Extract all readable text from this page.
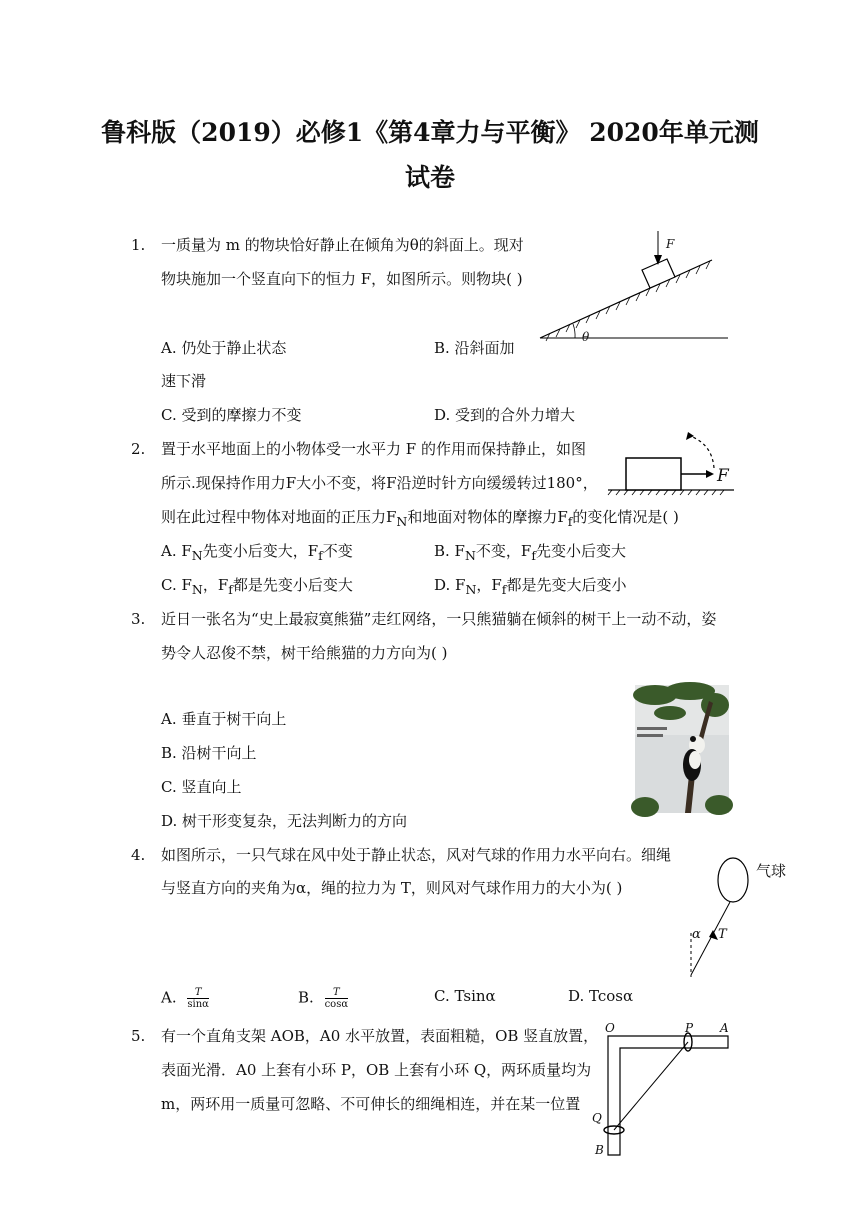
鲁科版（2019）必修1《第4章力与平衡》 2020年单元测
试卷
1. 一质量为 m 的物块恰好静止在倾角为θ的斜面上。现对
物块施加一个竖直向下的恒力 F，如图所示。则物块( )
F
θ
A. 仍处于静止状态	B. 沿斜面加
速下滑
C. 受到的摩擦力不变	D. 受到的合外力增大
2. 置于水平地面上的小物体受一水平力 F 的作用而保持静止，如图
所示.现保持作用力F大小不变，将F沿逆时针方向缓缓转过180°，
则在此过程中物体对地面的正压力$F_N$和地面对物体的摩擦力$F_f$的变化情况是( )
F
A. $F_N$先变小后变大，$F_f$不变	B. $F_N$不变，$F_f$先变小后变大
C. $F_N$，$F_f$都是先变小后变大	D. $F_N$，$F_f$都是先变大后变小
3. 近日一张名为“史上最寂寞熊猫”走红网络，一只熊猫躺在倾斜的树干上一动不动，姿
势令人忍俊不禁，树干给熊猫的力方向为( )
A. 垂直于树干向上
B. 沿树干向上
C. 竖直向上
D. 树干形变复杂，无法判断力的方向
4. 如图所示，一只气球在风中处于静止状态，风对气球的作用力水平向右。细绳
与竖直方向的夹角为α，绳的拉力为 T，则风对气球作用力的大小为( )
气球
α T
A. $\frac{T}{\sin\alpha}$	B. $\frac{T}{\cos\alpha}$	C. Tsinα	D. Tcosα
5. 有一个直角支架 AOB，A0 水平放置，表面粗糙，OB 竖直放置，
表面光滑．A0 上套有小环 P，OB 上套有小环 Q，两环质量均为
m，两环用一质量可忽略、不可伸长的细绳相连，并在某一位置
O	P A
Q
B
